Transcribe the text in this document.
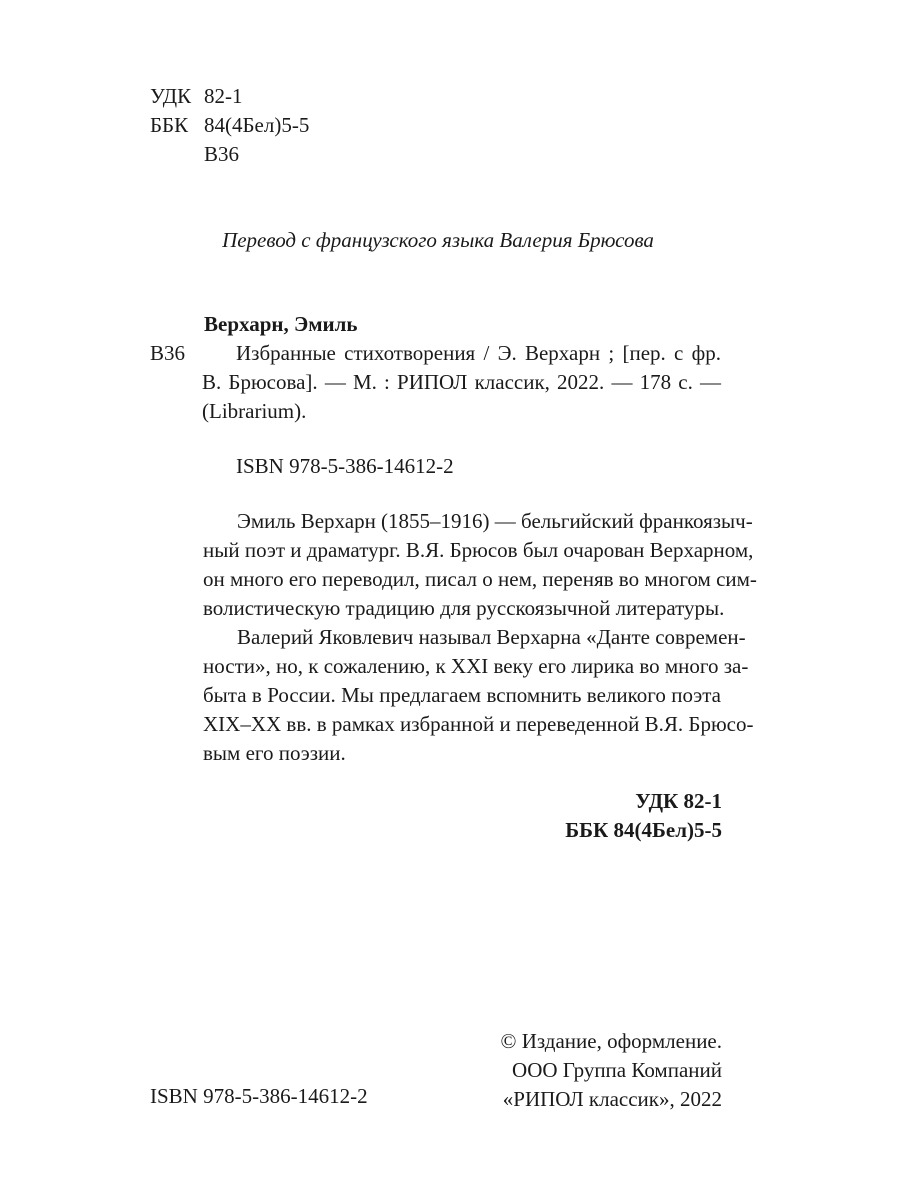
УДК 82-1
ББК 84(4Бел)5-5
В36
Перевод с французского языка Валерия Брюсова
Верхарн, Эмиль
В36 Избранные стихотворения / Э. Верхарн ; [пер. с фр.
В. Брюсова]. — М. : РИПОЛ классик, 2022. — 178 с. —
(Librarium).
ISBN 978-5-386-14612-2
Эмиль Верхарн (1855–1916) — бельгийский франкоязыч-
ный поэт и драматург. В.Я. Брюсов был очарован Верхарном,
он много его переводил, писал о нем, переняв во многом сим-
волистическую традицию для русскоязычной литературы.
Валерий Яковлевич называл Верхарна «Данте современ-
ности», но, к сожалению, к XXI веку его лирика во много за-
быта в России. Мы предлагаем вспомнить великого поэта
XIX–XX вв. в рамках избранной и переведенной В.Я. Брюсо-
вым его поэзии.
УДК 82-1
ББК 84(4Бел)5-5
ISBN 978-5-386-14612-2
© Издание, оформление.
ООО Группа Компаний
«РИПОЛ классик», 2022
